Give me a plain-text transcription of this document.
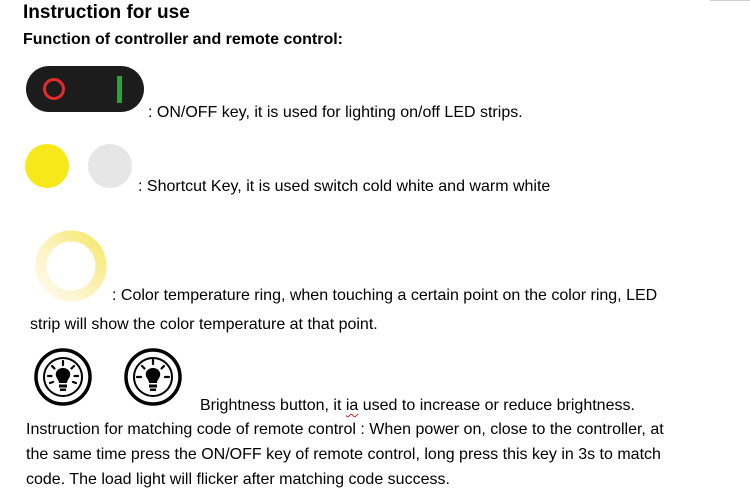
Instruction for use
Function of controller and remote control:
: ON/OFF key, it is used for lighting on/off LED strips.
: Shortcut Key, it is used switch cold white and warm white
: Color temperature ring, when touching a certain point on the color ring, LED
strip will show the color temperature at that point.
Brightness button, it ia used to increase or reduce brightness.
Instruction for matching code of remote control : When power on, close to the controller, at
the same time press the ON/OFF key of remote control, long press this key in 3s to match
code. The load light will flicker after matching code success.
